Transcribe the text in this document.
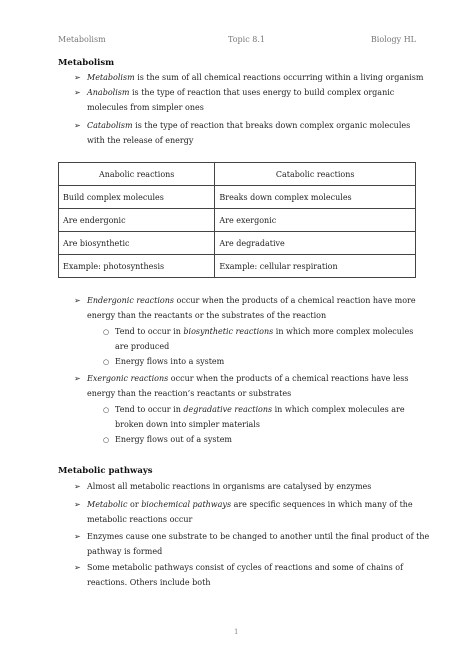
Metabolism	Topic 8.1	Biology HL
Metabolism
➢ Metabolism is the sum of all chemical reactions occurring within a living organism
➢ Anabolism is the type of reaction that uses energy to build complex organic
molecules from simpler ones
➢ Catabolism is the type of reaction that breaks down complex organic molecules
with the release of energy
Anabolic reactions	Catabolic reactions
Build complex molecules	Breaks down complex molecules
Are endergonic	Are exergonic
Are biosynthetic	Are degradative
Example: photosynthesis	Example: cellular respiration
➢ Endergonic reactions occur when the products of a chemical reaction have more
energy than the reactants or the substrates of the reaction
○ Tend to occur in biosynthetic reactions in which more complex molecules
are produced
○ Energy flows into a system
➢ Exergonic reactions occur when the products of a chemical reactions have less
energy than the reaction’s reactants or substrates
○ Tend to occur in degradative reactions in which complex molecules are
broken down into simpler materials
○ Energy flows out of a system
Metabolic pathways
➢ Almost all metabolic reactions in organisms are catalysed by enzymes
➢ Metabolic or biochemical pathways are specific sequences in which many of the
metabolic reactions occur
➢ Enzymes cause one substrate to be changed to another until the final product of the
pathway is formed
➢ Some metabolic pathways consist of cycles of reactions and some of chains of
reactions. Others include both
1
